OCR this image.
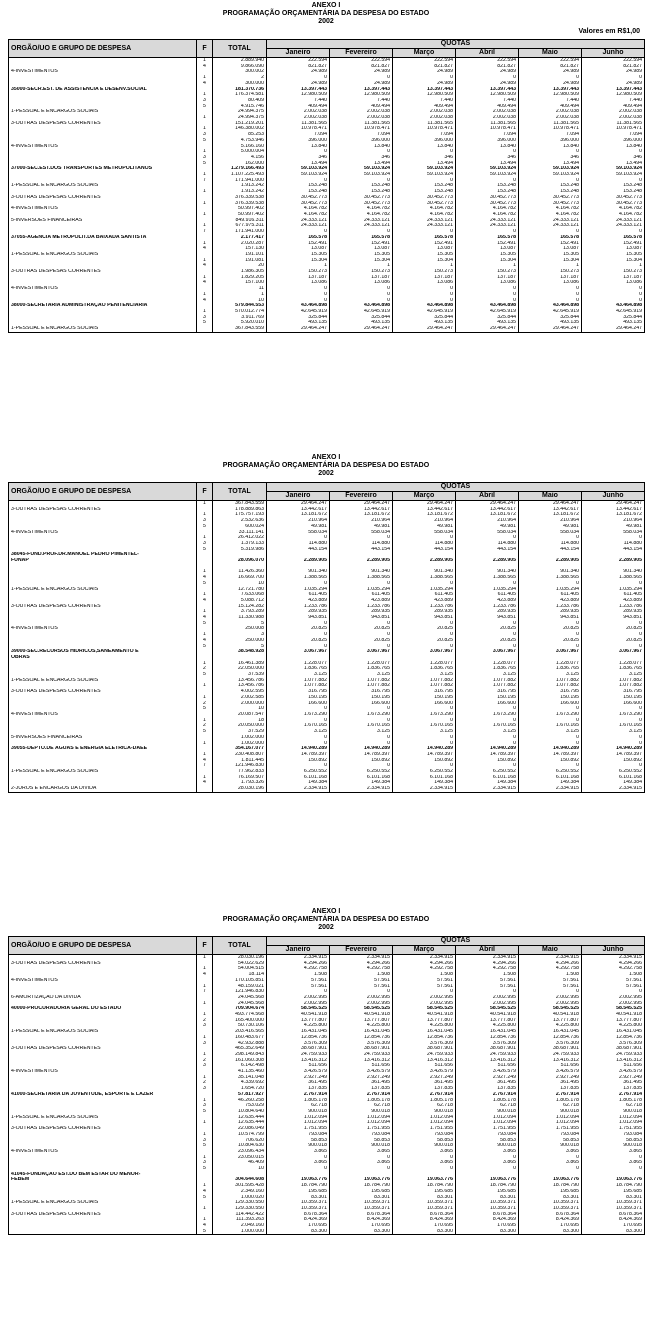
ANEXO I
PROGRAMAÇÃO ORÇAMENTÁRIA DA DESPESA DO ESTADO
2002
Valores em R$1,00
ORGÃO/UO E GRUPO DE DESPESA	F	TOTAL	QUOTAS					
			Janeiro	Fevereiro	Março	Abril	Maio	Junho
	1	2.889.940	222.594	222.594	222.594	222.594	222.594	222.594
	4	9.866.090	821.827	821.827	821.827	821.827	821.827	821.827
4-INVESTIMENTOS		300.002	24.989	24.989	24.989	24.989	24.989	24.989
	1	2	0	0	0	0	0	0
	4	300.000	24.989	24.989	24.989	24.989	24.989	24.989
35000-SECR.EST. DE ASSISTÊNCIA E DESENV.SOCIAL		181.370.736	13.397.443	13.397.443	13.397.443	13.397.443	13.397.443	13.397.443
	1	176.374.581	12.980.509	12.980.509	12.980.509	12.980.509	12.980.509	12.980.509
	3	80.409	7.440	7.440	7.440	7.440	7.440	7.440
	5	4.915.746	409.494	409.494	409.494	409.494	409.494	409.494
1-PESSOAL E ENCARGOS SOCIAIS		24.994.375	2.002.038	2.002.038	2.002.038	2.002.038	2.002.038	2.002.038
	1	24.994.375	2.002.038	2.002.038	2.002.038	2.002.038	2.002.038	2.002.038
3-OUTRAS DESPESAS CORRENTES		151.219.201	11.381.565	11.381.565	11.381.565	11.381.565	11.381.565	11.381.565
	1	146.380.002	10.978.471	10.978.471	10.978.471	10.978.471	10.978.471	10.978.471
	3	85.253	7.094	7.094	7.094	7.094	7.094	7.094
	5	4.753.946	396.000	396.000	396.000	396.000	396.000	396.000
4-INVESTIMENTOS		5.166.160	13.840	13.840	13.840	13.840	13.840	13.840
	1	5.000.004	0	0	0	0	0	0
	3	4.156	346	346	346	346	346	346
	5	162.000	13.494	13.494	13.494	13.494	13.494	13.494
37000-SEC.EST.DOS TRANSPORTES METROPOLITANOS		1.279.166.493	59.103.924	59.103.924	59.103.924	59.103.924	59.103.924	59.103.924
	1	1.107.225.493	59.103.924	59.103.924	59.103.924	59.103.924	59.103.924	59.103.924
	7	171.941.000	0	0	0	0	0	0
1-PESSOAL E ENCARGOS SOCIAIS		1.913.242	153.248	153.248	153.248	153.248	153.248	153.248
	1	1.913.242	153.248	153.248	153.248	153.248	153.248	153.248
3-OUTRAS DESPESAS CORRENTES		376.339.538	30.452.773	30.452.773	30.452.773	30.452.773	30.452.773	30.452.773
	1	376.339.538	30.452.773	30.452.773	30.452.773	30.452.773	30.452.773	30.452.773
4-INVESTIMENTOS		50.997.402	4.164.782	4.164.782	4.164.782	4.164.782	4.164.782	4.164.782
	1	50.997.402	4.164.782	4.164.782	4.164.782	4.164.782	4.164.782	4.164.782
5-INVERSÕES FINANCEIRAS		849.916.311	24.333.121	24.333.121	24.333.121	24.333.121	24.333.121	24.333.121
	1	677.975.311	24.333.121	24.333.121	24.333.121	24.333.121	24.333.121	24.333.121
	7	171.941.000	0	0	0	0	0	0
37055-AGÊNCIA METROPOLIT.DA BAIXADA SANTISTA		2.177.417	165.578	165.578	165.578	165.578	165.578	165.578
	1	2.020.287	152.491	152.491	152.491	152.491	152.491	152.491
	4	157.130	13.087	13.087	13.087	13.087	13.087	13.087
1-PESSOAL E ENCARGOS SOCIAIS		191.101	15.305	15.305	15.305	15.305	15.305	15.305
	1	191.081	15.304	15.304	15.304	15.304	15.304	15.304
	4	20	1	1	1	1	1	1
3-OUTRAS DESPESAS CORRENTES		1.986.305	150.273	150.273	150.273	150.273	150.273	150.273
	1	1.829.205	137.187	137.187	137.187	137.187	137.187	137.187
	4	157.100	13.086	13.086	13.086	13.086	13.086	13.086
4-INVESTIMENTOS		11	0	0	0	0	0	0
	1	1	0	0	0	0	0	0
	4	10	0	0	0	0	0	0
38000-SECRETARIA ADMINISTRAÇÃO PENITENCIÁRIA		579.844.553	43.464.898	43.464.898	43.464.898	43.464.898	43.464.898	43.464.898
	1	570.012.774	42.645.919	42.645.919	42.645.919	42.645.919	42.645.919	42.645.919
	3	3.911.769	325.844	325.844	325.844	325.844	325.844	325.844
	5	5.920.010	493.135	493.135	493.135	493.135	493.135	493.135
1-PESSOAL E ENCARGOS SOCIAIS		367.843.559	29.464.247	29.464.247	29.464.247	29.464.247	29.464.247	29.464.247
ANEXO I
PROGRAMAÇÃO ORÇAMENTÁRIA DA DESPESA DO ESTADO
2002
ORGÃO/UO E GRUPO DE DESPESA	F	TOTAL	QUOTAS					
			Janeiro	Fevereiro	Março	Abril	Maio	Junho
	1	367.843.559	29.464.247	29.464.247	29.464.247	29.464.247	29.464.247	29.464.247
3-OUTRAS DESPESAS CORRENTES		178.889.863	13.442.617	13.442.617	13.442.617	13.442.617	13.442.617	13.442.617
	1	175.757.193	13.181.672	13.181.672	13.181.672	13.181.672	13.181.672	13.181.672
	3	2.532.636	210.964	210.964	210.964	210.964	210.964	210.964
	5	600.024	49.981	49.981	49.981	49.981	49.981	49.981
4-INVESTIMENTOS		33.111.141	558.034	558.034	558.034	558.034	558.034	558.034
	1	26.412.022	0	0	0	0	0	0
	3	1.379.133	114.880	114.880	114.880	114.880	114.880	114.880
	5	5.319.986	443.154	443.154	443.154	443.154	443.154	443.154
38045-FUND.PROF.DR.MANOEL PEDRO PIMENTEL-								
FUNAP		28.096.070	2.289.905	2.289.905	2.289.905	2.289.905	2.289.905	2.289.905

	1	11.426.360	901.340	901.340	901.340	901.340	901.340	901.340
	4	16.669.700	1.388.565	1.388.565	1.388.565	1.388.565	1.388.565	1.388.565
	5	10	0	0	0	0	0	0
1-PESSOAL E ENCARGOS SOCIAIS		12.721.780	1.035.294	1.035.294	1.035.294	1.035.294	1.035.294	1.035.294
	1	7.633.068	611.405	611.405	611.405	611.405	611.405	611.405
	4	5.088.712	423.889	423.889	423.889	423.889	423.889	423.889
3-OUTRAS DESPESAS CORRENTES		15.124.282	1.233.786	1.233.786	1.233.786	1.233.786	1.233.786	1.233.786
	1	3.793.289	289.935	289.935	289.935	289.935	289.935	289.935
	4	11.330.988	943.851	943.851	943.851	943.851	943.851	943.851
	5	5	0	0	0	0	0	0
4-INVESTIMENTOS		250.008	20.825	20.825	20.825	20.825	20.825	20.825
	1	3	0	0	0	0	0	0
	4	250.000	20.825	20.825	20.825	20.825	20.825	20.825
	5	5	0	0	0	0	0	0
39000-SEC.RECURSOS HÍDRICOS,SANEAMENTO E		38.548.928	3.067.967	3.067.967	3.067.967	3.067.967	3.067.967	3.067.967
OBRAS								
	1	16.461.389	1.228.077	1.228.077	1.228.077	1.228.077	1.228.077	1.228.077
	2	22.050.000	1.836.765	1.836.765	1.836.765	1.836.765	1.836.765	1.836.765
	5	37.539	3.125	3.125	3.125	3.125	3.125	3.125
1-PESSOAL E ENCARGOS SOCIAIS		13.456.786	1.077.882	1.077.882	1.077.882	1.077.882	1.077.882	1.077.882
	1	13.456.786	1.077.882	1.077.882	1.077.882	1.077.882	1.077.882	1.077.882
3-OUTRAS DESPESAS CORRENTES		4.002.595	316.795	316.795	316.795	316.795	316.795	316.795
	1	2.002.585	150.195	150.195	150.195	150.195	150.195	150.195
	2	2.000.000	166.600	166.600	166.600	166.600	166.600	166.600
	5	10	0	0	0	0	0	0
4-INVESTIMENTOS		20.087.547	1.673.290	1.673.290	1.673.290	1.673.290	1.673.290	1.673.290
	1	18	0	0	0	0	0	0
	2	20.050.000	1.670.165	1.670.165	1.670.165	1.670.165	1.670.165	1.670.165
	5	37.529	3.125	3.125	3.125	3.125	3.125	3.125
5-INVERSÕES FINANCEIRAS		1.002.000	0	0	0	0	0	0
	1	1.002.000	0	0	0	0	0	0
39055-DEPTO.DE ÁGUAS E ENERGIA ELÉTRICA-DAEE		354.167.077	14.940.289	14.940.289	14.940.289	14.940.289	14.940.289	14.940.289
	1	230.408.807	14.789.397	14.789.397	14.789.397	14.789.397	14.789.397	14.789.397
	4	1.811.445	150.892	150.892	150.892	150.892	150.892	150.892
	7	121.946.830	0	0	0	0	0	0
1-PESSOAL E ENCARGOS SOCIAIS		77.962.833	6.250.552	6.250.552	6.250.552	6.250.552	6.250.552	6.250.552
	1	76.169.507	6.101.168	6.101.168	6.101.168	6.101.168	6.101.168	6.101.168
	4	1.793.326	149.384	149.384	149.384	149.384	149.384	149.384
2-JUROS E ENCARGOS DA DÍVIDA		28.030.196	2.334.915	2.334.915	2.334.915	2.334.915	2.334.915	2.334.915
ANEXO I
PROGRAMAÇÃO ORÇAMENTÁRIA DA DESPESA DO ESTADO
2002
ORGÃO/UO E GRUPO DE DESPESA	F	TOTAL	QUOTAS					
			Janeiro	Fevereiro	Março	Abril	Maio	Junho
	1	28.030.196	2.334.915	2.334.915	2.334.915	2.334.915	2.334.915	2.334.915
3-OUTRAS DESPESAS CORRENTES		54.022.629	4.294.266	4.294.266	4.294.266	4.294.266	4.294.266	4.294.266
	1	54.004.515	4.292.758	4.292.758	4.292.758	4.292.758	4.292.758	4.292.758
	4	18.114	1.508	1.508	1.508	1.508	1.508	1.508
4-INVESTIMENTOS		170.105.851	57.561	57.561	57.561	57.561	57.561	57.561
	1	48.159.021	57.561	57.561	57.561	57.561	57.561	57.561
	7	121.946.830	0	0	0	0	0	0
6-AMORTIZAÇÃO DA DÍVIDA		24.045.568	2.002.995	2.002.995	2.002.995	2.002.995	2.002.995	2.002.995
	1	24.045.568	2.002.995	2.002.995	2.002.995	2.002.995	2.002.995	2.002.995
40000-PROCURADORIA GERAL DO ESTADO		709.904.674	58.545.525	58.545.525	58.545.525	58.545.525	58.545.525	58.545.525
	1	493.774.568	40.541.918	40.541.918	40.541.918	40.541.918	40.541.918	40.541.918
	2	165.400.000	13.777.807	13.777.807	13.777.807	13.777.807	13.777.807	13.777.807
	3	50.730.106	4.225.800	4.225.800	4.225.800	4.225.800	4.225.800	4.225.800
1-PESSOAL E ENCARGOS SOCIAIS		203.416.565	16.431.045	16.431.045	16.431.045	16.431.045	16.431.045	16.431.045
	1	160.483.677	12.854.736	12.854.736	12.854.736	12.854.736	12.854.736	12.854.736
	3	42.932.888	3.576.309	3.576.309	3.576.309	3.576.309	3.576.309	3.576.309
3-OUTRAS DESPESAS CORRENTES		465.352.649	38.687.901	38.687.901	38.687.901	38.687.901	38.687.901	38.687.901
	1	298.149.843	24.759.933	24.759.933	24.759.933	24.759.933	24.759.933	24.759.933
	2	161.060.308	13.416.312	13.416.312	13.416.312	13.416.312	13.416.312	13.416.312
	3	6.142.498	511.656	511.656	511.656	511.656	511.656	511.656
4-INVESTIMENTOS		41.135.460	3.426.579	3.426.579	3.426.579	3.426.579	3.426.579	3.426.579
	1	35.141.048	2.927.249	2.927.249	2.927.249	2.927.249	2.927.249	2.927.249
	2	4.339.692	361.495	361.495	361.495	361.495	361.495	361.495
	3	1.654.720	137.835	137.835	137.835	137.835	137.835	137.835
41000-SECRETARIA DA JUVENTUDE, ESPORTE E LAZER		57.817.927	2.767.914	2.767.914	2.767.914	2.767.914	2.767.914	2.767.914
	1	46.260.258	1.805.178	1.805.178	1.805.178	1.805.178	1.805.178	1.805.178
	3	753.029	62.718	62.718	62.718	62.718	62.718	62.718
	5	10.804.640	900.018	900.018	900.018	900.018	900.018	900.018
1-PESSOAL E ENCARGOS SOCIAIS		12.635.444	1.012.094	1.012.094	1.012.094	1.012.094	1.012.094	1.012.094
	1	12.635.444	1.012.094	1.012.094	1.012.094	1.012.094	1.012.094	1.012.094
3-OUTRAS DESPESAS CORRENTES		22.086.049	1.751.955	1.751.955	1.751.955	1.751.955	1.751.955	1.751.955
	1	10.574.799	793.084	793.084	793.084	793.084	793.084	793.084
	3	706.620	58.853	58.853	58.853	58.853	58.853	58.853
	5	10.804.630	900.018	900.018	900.018	900.018	900.018	900.018
4-INVESTIMENTOS		23.096.434	3.865	3.865	3.865	3.865	3.865	3.865
	1	23.050.015	0	0	0	0	0	0
	3	46.409	3.865	3.865	3.865	3.865	3.865	3.865
	5	10	0	0	0	0	0	0
41045-FUNDAÇÃO EST.DO BEM ESTAR DO MENOR-								
FEBEM		304.644.608	19.063.776	19.063.776	19.063.776	19.063.776	19.063.776	19.063.776
	1	301.595.428	18.784.790	18.784.790	18.784.790	18.784.790	18.784.790	18.784.790
	4	2.349.160	195.685	195.685	195.685	195.685	195.685	195.685
	5	1.000.020	83.301	83.301	83.301	83.301	83.301	83.301
1-PESSOAL E ENCARGOS SOCIAIS		129.330.550	10.359.371	10.359.371	10.359.371	10.359.371	10.359.371	10.359.371
	1	129.330.550	10.359.371	10.359.371	10.359.371	10.359.371	10.359.371	10.359.371
3-OUTRAS DESPESAS CORRENTES		114.442.422	8.678.364	8.678.364	8.678.364	8.678.364	8.678.364	8.678.364
	1	111.393.263	8.424.369	8.424.369	8.424.369	8.424.369	8.424.369	8.424.369
	4	2.049.160	170.695	170.695	170.695	170.695	170.695	170.695
	5	1.000.000	83.300	83.300	83.300	83.300	83.300	83.300
